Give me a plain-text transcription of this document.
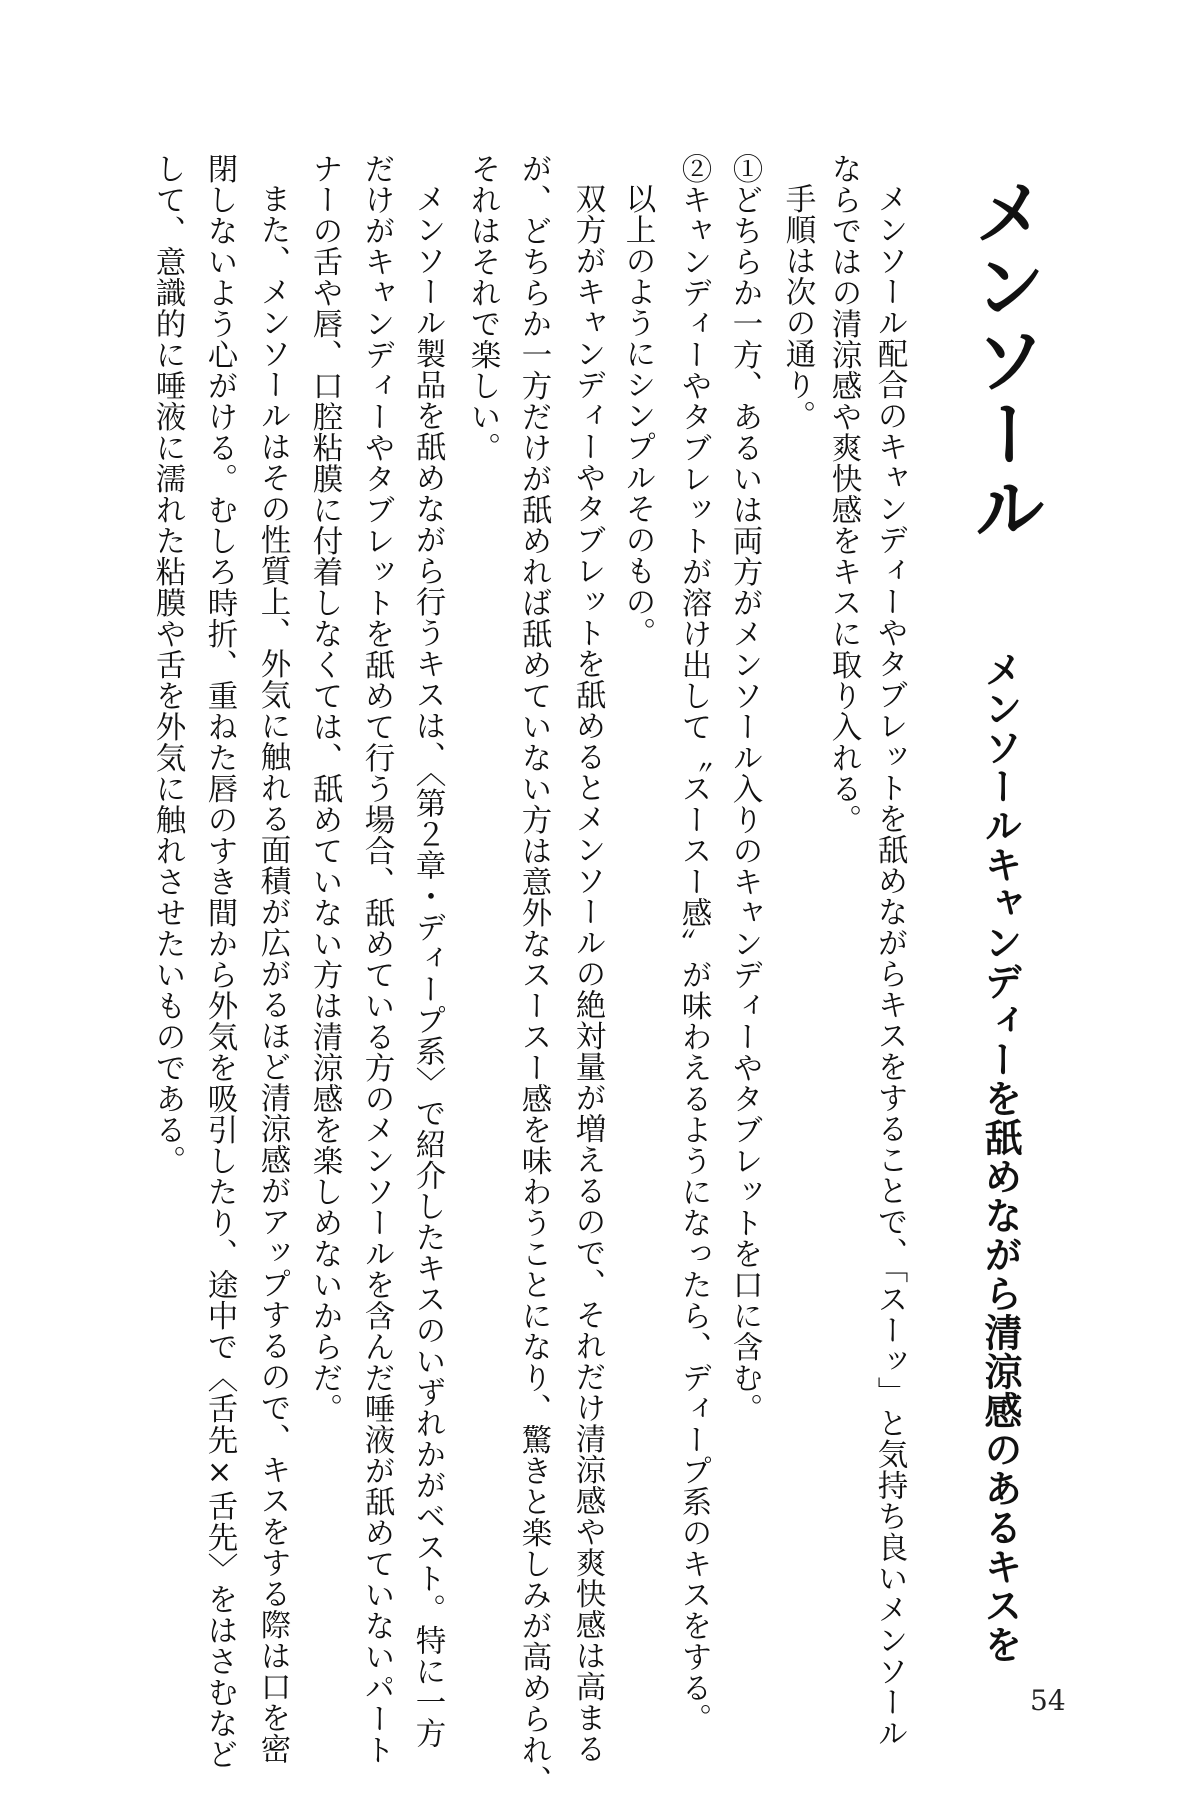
メンソール
メンソールキャンディーを舐めながら清涼感のあるキスを

メンソール配合のキャンディーやタブレットを舐めながらキスをすることで、「スーッ」と気持ち良いメンソール

ならではの清涼感や爽快感をキスに取り入れる。

手順は次の通り。

①どちらか一方、あるいは両方がメンソール入りのキャンディーやタブレットを口に含む。

②キャンディーやタブレットが溶け出して〝スースー感〟が味わえるようになったら、ディープ系のキスをする。

以上のようにシンプルそのもの。

双方がキャンディーやタブレットを舐めるとメンソールの絶対量が増えるので、それだけ清涼感や爽快感は高まる

が、どちらか一方だけが舐めれば舐めていない方は意外なスースー感を味わうことになり、驚きと楽しみが高められ、

それはそれで楽しい。

メンソール製品を舐めながら行うキスは、〈第２章・ディープ系〉で紹介したキスのいずれかがベスト。特に一方

だけがキャンディーやタブレットを舐めて行う場合、舐めている方のメンソールを含んだ唾液が舐めていないパート

ナーの舌や唇、口腔粘膜に付着しなくては、舐めていない方は清涼感を楽しめないからだ。

また、メンソールはその性質上、外気に触れる面積が広がるほど清涼感がアップするので、キスをする際は口を密

閉しないよう心がける。むしろ時折、重ねた唇のすき間から外気を吸引したり、途中で〈舌先×舌先〉をはさむなど

して、意識的に唾液に濡れた粘膜や舌を外気に触れさせたいものである。

54
